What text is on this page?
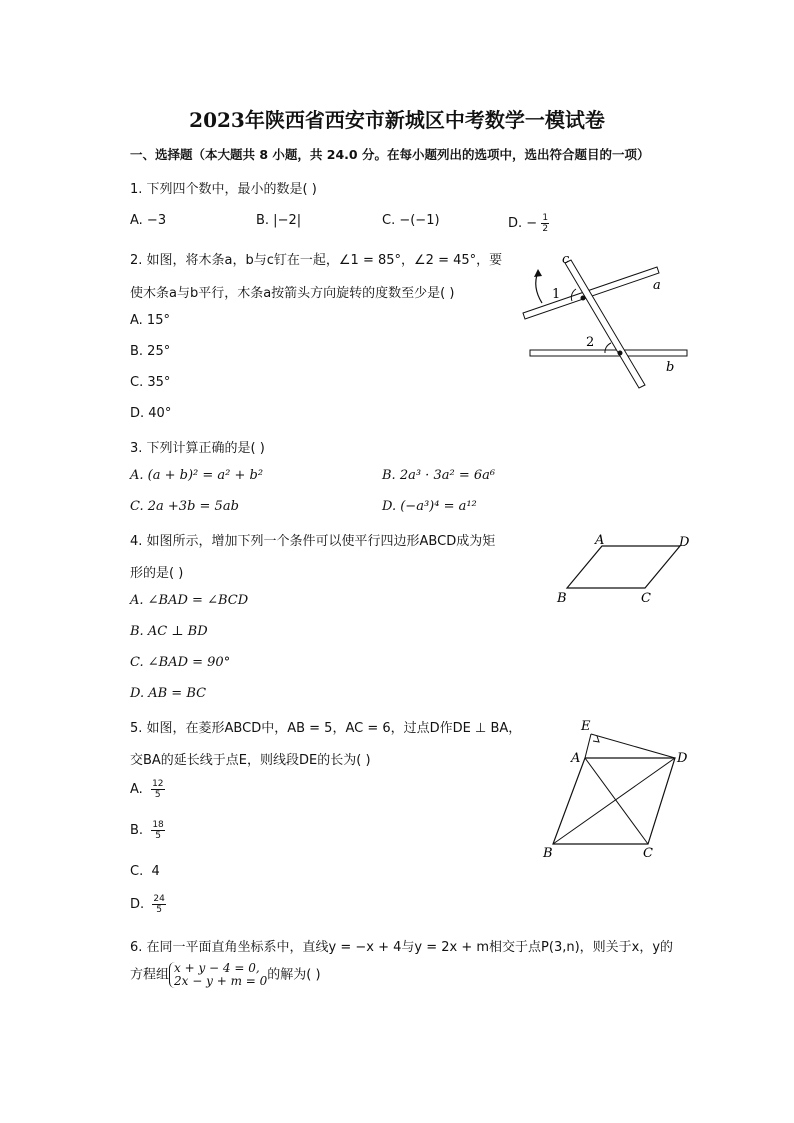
2023年陕西省西安市新城区中考数学一模试卷
一、选择题（本大题共 8 小题，共 24.0 分。在每小题列出的选项中，选出符合题目的一项）
1. 下列四个数中，最小的数是( )
A. −3	B. |−2|	C. −(−1)	D. − $\frac{1}{2}$
2. 如图，将木条a，b与c钉在一起，∠1 = 85°，∠2 = 45°，要
使木条a与b平行，木条a按箭头方向旋转的度数至少是( )
A. 15°
B. 25°
C. 35°
D. 40°
c
a
b
1
2
3. 下列计算正确的是( )
A. (a + b)² = a² + b²	B. 2a³ · 3a² = 6a⁶
C. 2a +3b = 5ab	D. (−a³)⁴ = a¹²
4. 如图所示，增加下列一个条件可以使平行四边形ABCD成为矩
形的是( )
A. ∠BAD = ∠BCD
B. AC ⊥ BD
C. ∠BAD = 90°
D. AB = BC
A	D
B	C
5. 如图，在菱形ABCD中，AB = 5，AC = 6，过点D作DE ⊥ BA，
交BA的延长线于点E，则线段DE的长为( )
A. $\frac{12}{5}$
B. $\frac{18}{5}$
C. 4
D. $\frac{24}{5}$
E
A	D
B	C
6. 在同一平面直角坐标系中，直线y = −x + 4与y = 2x + m相交于点P(3,n)，则关于x，y的
方程组 x + y − 4 = 0,
2x − y + m = 0 的解为( )
